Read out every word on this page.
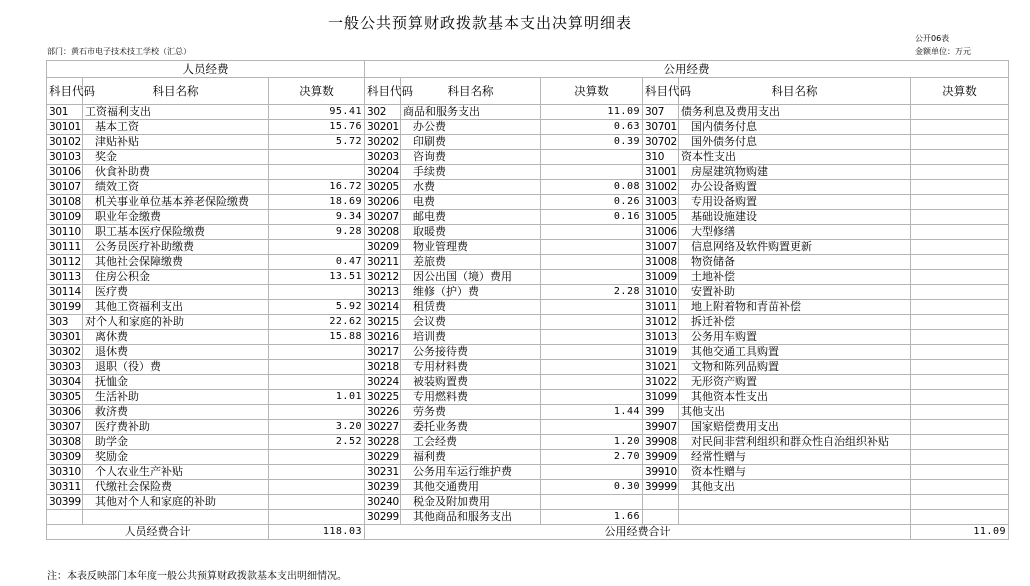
一般公共预算财政拨款基本支出决算明细表
公开06表
金额单位：万元
部门：黄石市电子技术技工学校（汇总）
人员经费			公用经费					
科目代码	科目名称	决算数	科目代码	科目名称	决算数	科目代码	科目名称	决算数
301	工资福利支出	95.41	302	商品和服务支出	11.09	307	债务利息及费用支出	
30101	基本工资	15.76	30201	办公费	0.63	30701	国内债务付息	
30102	津贴补贴	5.72	30202	印刷费	0.39	30702	国外债务付息	
30103	奖金		30203	咨询费		310	资本性支出	
30106	伙食补助费		30204	手续费		31001	房屋建筑物购建	
30107	绩效工资	16.72	30205	水费	0.08	31002	办公设备购置	
30108	机关事业单位基本养老保险缴费	18.69	30206	电费	0.26	31003	专用设备购置	
30109	职业年金缴费	9.34	30207	邮电费	0.16	31005	基础设施建设	
30110	职工基本医疗保险缴费	9.28	30208	取暖费		31006	大型修缮	
30111	公务员医疗补助缴费		30209	物业管理费		31007	信息网络及软件购置更新	
30112	其他社会保障缴费	0.47	30211	差旅费		31008	物资储备	
30113	住房公积金	13.51	30212	因公出国（境）费用		31009	土地补偿	
30114	医疗费		30213	维修（护）费	2.28	31010	安置补助	
30199	其他工资福利支出	5.92	30214	租赁费		31011	地上附着物和青苗补偿	
303	对个人和家庭的补助	22.62	30215	会议费		31012	拆迁补偿	
30301	离休费	15.88	30216	培训费		31013	公务用车购置	
30302	退休费		30217	公务接待费		31019	其他交通工具购置	
30303	退职（役）费		30218	专用材料费		31021	文物和陈列品购置	
30304	抚恤金		30224	被装购置费		31022	无形资产购置	
30305	生活补助	1.01	30225	专用燃料费		31099	其他资本性支出	
30306	救济费		30226	劳务费	1.44	399	其他支出	
30307	医疗费补助	3.20	30227	委托业务费		39907	国家赔偿费用支出	
30308	助学金	2.52	30228	工会经费	1.20	39908	对民间非营利组织和群众性自治组织补贴	
30309	奖励金		30229	福利费	2.70	39909	经常性赠与	
30310	个人农业生产补贴		30231	公务用车运行维护费		39910	资本性赠与	
30311	代缴社会保险费		30239	其他交通费用	0.30	39999	其他支出	
30399	其他对个人和家庭的补助		30240	税金及附加费用				
			30299	其他商品和服务支出	1.66			
人员经费合计		118.03	公用经费合计					11.09
注：本表反映部门本年度一般公共预算财政拨款基本支出明细情况。
